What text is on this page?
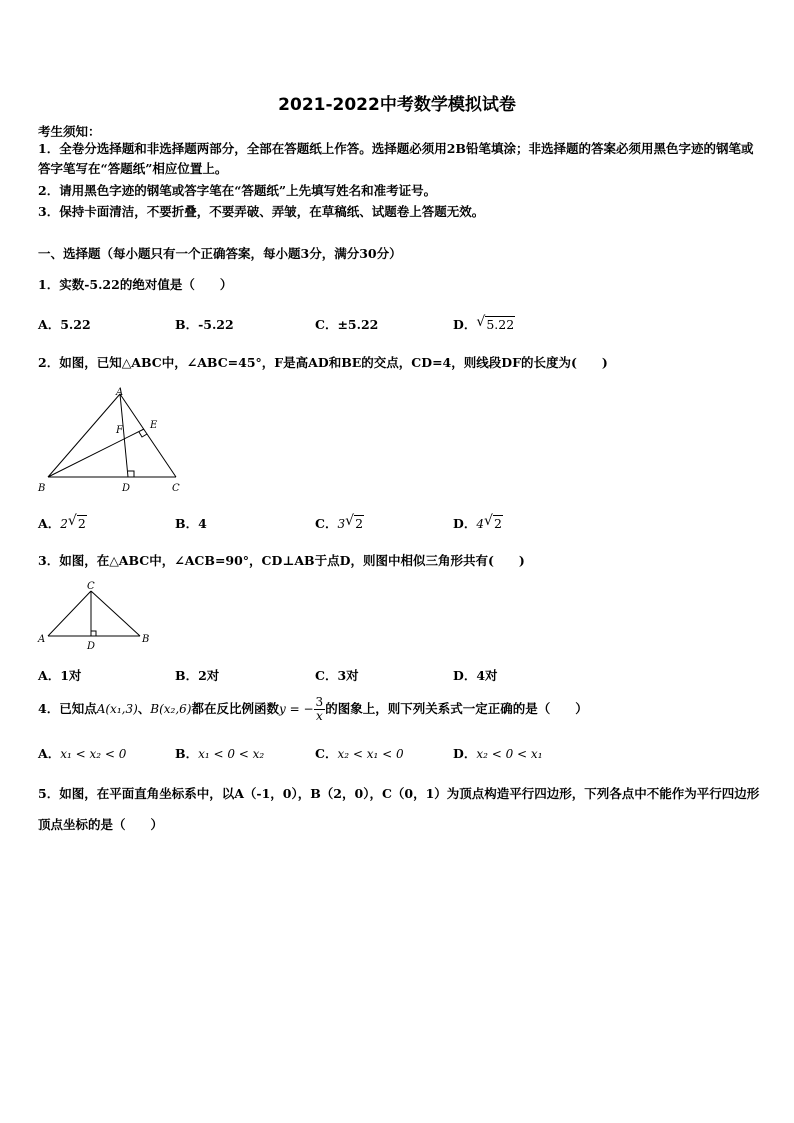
2021-2022中考数学模拟试卷
考生须知：
1．全卷分选择题和非选择题两部分，全部在答题纸上作答。选择题必须用2B铅笔填涂；非选择题的答案必须用黑色字迹的钢笔或答字笔写在“答题纸”相应位置上。
2．请用黑色字迹的钢笔或答字笔在“答题纸”上先填写姓名和准考证号。
3．保持卡面清洁，不要折叠，不要弄破、弄皱，在草稿纸、试题卷上答题无效。
一、选择题（每小题只有一个正确答案，每小题3分，满分30分）
1．实数-5.22的绝对值是（　　）
A．5.22	B．-5.22	C．±5.22	D． √ 5.22
2．如图，已知△ABC中，∠ABC=45°，F是高AD和BE的交点，CD=4，则线段DF的长度为(　　)
A
E
F
B	D	C
A．2 √ 2	B．4	C．3 √ 2	D．4 √ 2
3．如图，在△ABC中，∠ACB=90°，CD⊥AB于点D，则图中相似三角形共有(　　)
C
A
D
B
A．1对	B．2对	C．3对	D．4对
4．已知点A(x₁,3)、B(x₂,6)都在反比例函数y = − $\frac{3}{x}$ 的图象上，则下列关系式一定正确的是（　　）
A．x₁ < x₂ < 0	B．x₁ < 0 < x₂	C．x₂ < x₁ < 0	D．x₂ < 0 < x₁
5．如图，在平面直角坐标系中，以A（-1，0），B（2，0），C（0，1）为顶点构造平行四边形，下列各点中不能作为平行四边形顶点坐标的是（　　）
